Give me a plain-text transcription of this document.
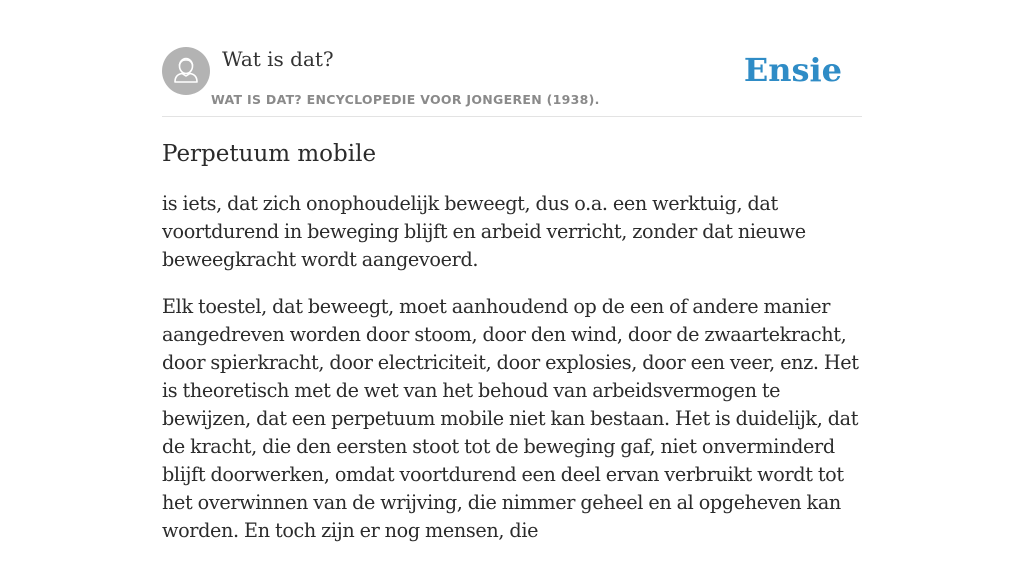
Wat is dat?
WAT IS DAT? ENCYCLOPEDIE VOOR JONGEREN (1938).
Ensie
Perpetuum mobile

is iets, dat zich onophoudelijk beweegt, dus o.a. een werktuig, dat voortdurend in beweging blijft en arbeid verricht, zonder dat nieuwe beweegkracht wordt aangevoerd.

Elk toestel, dat beweegt, moet aanhoudend op de een of andere manier aangedreven worden door stoom, door den wind, door de zwaartekracht, door spierkracht, door electriciteit, door explosies, door een veer, enz. Het is theoretisch met de wet van het behoud van arbeidsvermogen te bewijzen, dat een perpetuum mobile niet kan bestaan. Het is duidelijk, dat de kracht, die den eersten stoot tot de beweging gaf, niet onverminderd blijft doorwerken, omdat voortdurend een deel ervan verbruikt wordt tot het overwinnen van de wrijving, die nimmer geheel en al opgeheven kan worden. En toch zijn er nog mensen, die
